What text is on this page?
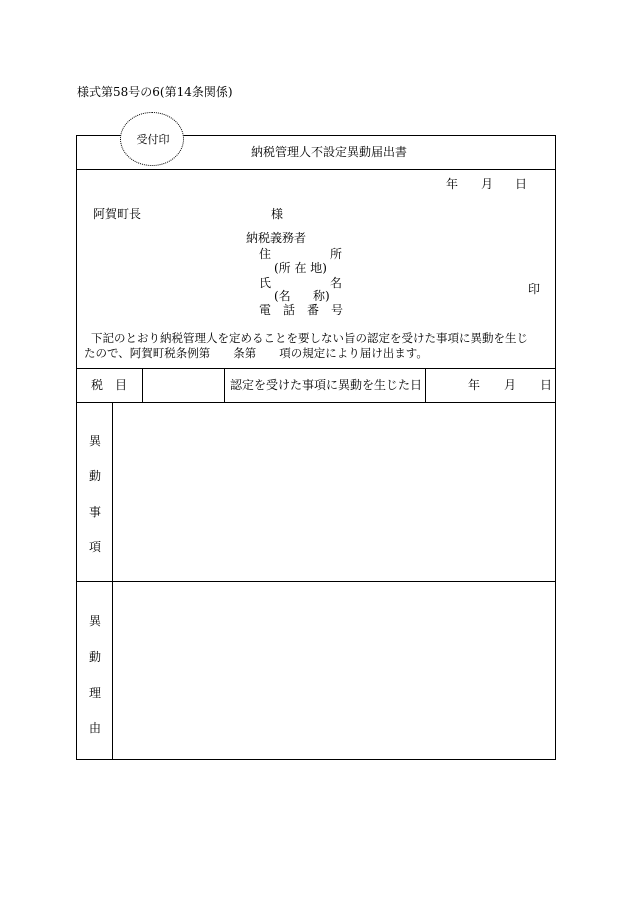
様式第58号の6(第14条関係)
受付印
納税管理人不設定異動届出書
年 月 日
阿賀町長	様
納税義務者
住	所
(所 在 地)
氏	名
(名 称)
電　話　番　号
印
下記のとおり納税管理人を定めることを要しない旨の認定を受けた事項に異動を生じ
たので、阿賀町税条例第　　条第　　項の規定により届け出ます。
税　目	認定を受けた事項に異動を生じた日	年 月 日
異
動
事
項
異
動
理
由
